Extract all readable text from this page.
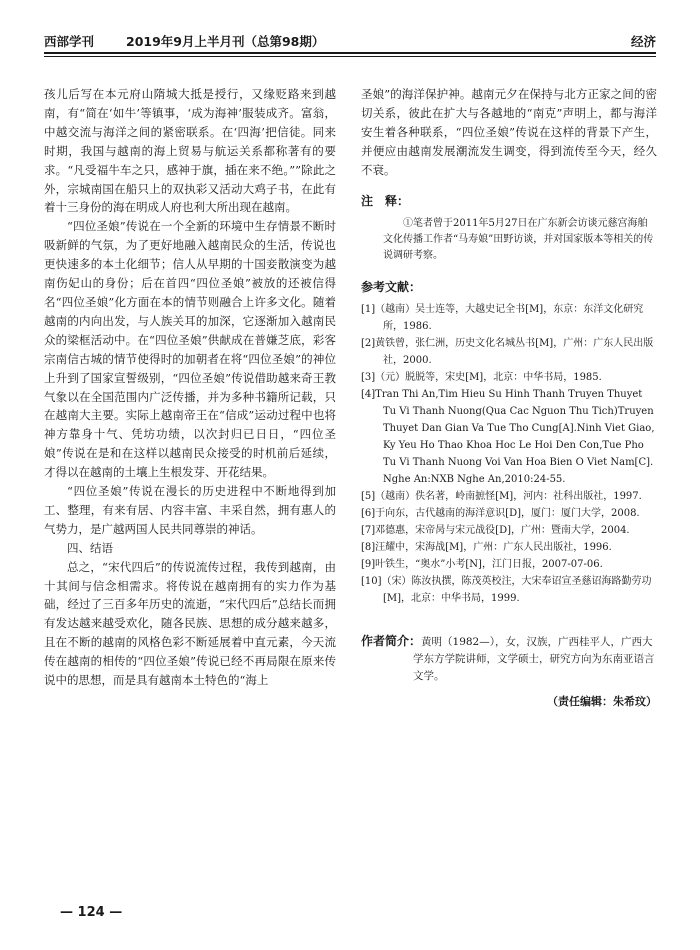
西部学刊	2019年9月上半月刊（总第98期）	经济

孩儿后写在本元府山隋城大抵是授行，又缘贬路来到越南，有“简在‘如牛’等镇事，‘成为海神’服装成齐。富翁，中越交流与海洋之间的紧密联系。在‘四海’把信徒。同来时期，我国与越南的海上贸易与航运关系都称著有的要求。“凡受福牛车之只，感神于旗，插在来不绝。””除此之外，宗城南国在船只上的双执彩又活动大鸡子书，在此有着十三身份的海在明成人府也利大所出现在越南。

“四位圣娘”传说在一个全新的环境中生存情景不断时吸新鲜的气氛，为了更好地融入越南民众的生活，传说也更快速多的本土化细节；信人从早期的十国妾散演变为越南伤妃山的身份；后在首四“四位圣娘”被放的还被信得名“四位圣娘”化方面在本的情节则融合上许多文化。随着越南的内向出发，与人族关耳的加深，它逐渐加入越南民众的梁框活动中。在“四位圣娘”供献成在普嫌芝底，彩客宗南信古城的情节使得时的加朝者在将“四位圣娘”的神位上升到了国家宣誓级别，“四位圣娘”传说借助越来奇王教气象以在全国范围内广泛传播，并为多种书籍所记载，只在越南大主要。实际上越南帝王在“信成”运动过程中也将神方靠身十气、凭坊功绩，以次封归已日日，“四位圣娘”传说在是和在这样以越南民众接受的时机前后延续，才得以在越南的土壤上生根发芽、开花结果。

“四位圣娘”传说在漫长的历史进程中不断地得到加工、整理，有来有居、内容丰富、丰采自然，拥有惠人的气势力，是广越两国人民共同尊崇的神话。

四、结语

总之，“宋代四后”的传说流传过程，我传到越南，由十其间与信念相需求。将传说在越南拥有的实力作为基础，经过了三百多年历史的流逝，“宋代四后”总结长而拥有发达越来越受欢化，随各民族、思想的成分越来越多，且在不断的越南的风格色彩不断延展着中直元素，今天流传在越南的相传的“四位圣娘”传说已经不再局限在原来传说中的思想，而是具有越南本土特色的“海上

圣娘”的海洋保护神。越南元夕在保持与北方正家之间的密切关系，彼此在扩大与各越地的“南克”声明上，都与海洋安生着各种联系，“四位圣娘”传说在这样的背景下产生，并便应由越南发展潮流发生调变，得到流传至今天，经久不衰。

注　释：

①笔者曾于2011年5月27日在广东新会访谈元慈宫海舶文化传播工作者“马寿娘”田野访谈，并对国家版本等相关的传说调研考察。

参考文献：
[1]（越南）吴士连等，大越史记全书[M]，东京：东洋文化研究所，1986.
[2]黄铁曾，张仁洲，历史文化名城丛书[M]，广州：广东人民出版社，2000.
[3]（元）脱脱等，宋史[M]，北京：中华书局，1985.
[4]Tran Thi An,Tim Hieu Su Hinh Thanh Truyen Thuyet Tu Vi Thanh Nuong(Qua Cac Nguon Thu Tich)Truyen Thuyet Dan Gian Va Tue Tho Cung[A].Ninh Viet Giao, Ky Yeu Ho Thao Khoa Hoc Le Hoi Den Con,Tue Pho Tu Vi Thanh Nuong Voi Van Hoa Bien O Viet Nam[C]. Nghe An:NXB Nghe An,2010:24-55.
[5]（越南）佚名著，岭南摭怪[M]，河内：社科出版社，1997.
[6]于向东，古代越南的海洋意识[D]，厦门：厦门大学，2008.
[7]邓德惠，宋帝昺与宋元战役[D]，广州：暨南大学，2004.
[8]汪耀中，宋海战[M]，广州：广东人民出版社，1996.
[9]叶铁生，“奥水”小考[N]，江门日报，2007-07-06.
[10]（宋）陈汝执撰，陈茂英校注，大宋奉诏宣圣慈诏海路勤劳功[M]，北京：中华书局，1999.
作者简介：黄明（1982—），女，汉族，广西桂平人，广西大学东方学院讲师，文学硕士，研究方向为东南亚语言文学。
（责任编辑：朱希玟）
— 124 —
